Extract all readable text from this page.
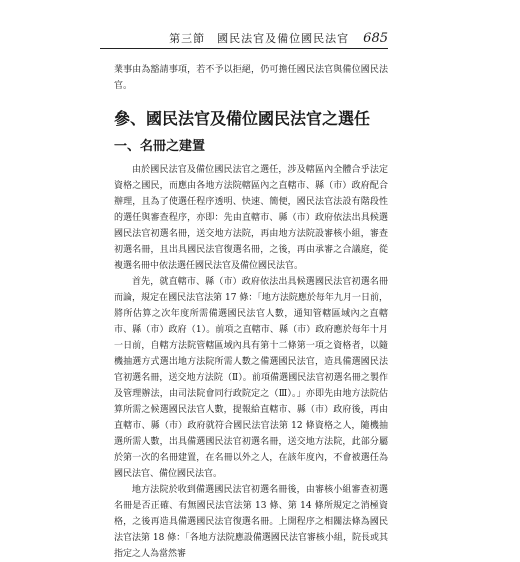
第三節　國民法官及備位國民法官 685

業事由為豁請事項，若不予以拒絕，仍可擔任國民法官與備位國民法官。

參、國民法官及備位國民法官之選任
一、名冊之建置

由於國民法官及備位國民法官之選任，涉及轄區內全體合乎法定資格之國民，而應由各地方法院轄區內之直轄市、縣（市）政府配合辦理，且為了使選任程序透明、快速、簡便，國民法官法設有階段性的選任與審查程序，亦即：先由直轄市、縣（市）政府依法出具候選國民法官初選名冊，送交地方法院，再由地方法院設審核小組，審查初選名冊，且出具國民法官復選名冊，之後，再由承審之合議庭，從複選名冊中依法選任國民法官及備位國民法官。

首先，就直轄市、縣（市）政府依法出具候選國民法官初選名冊而論，規定在國民法官法第 17 條：「地方法院應於每年九月一日前，將所估算之次年度所需備選國民法官人數，通知管轄區域內之直轄市、縣（市）政府（1）。前項之直轄市、縣（市）政府應於每年十月一日前，自轄方法院管轄區域內具有第十二條第一項之資格者，以隨機抽選方式選出地方法院所需人數之備選國民法官，造具備選國民法官初選名冊，送交地方法院（Ⅱ）。前項備選國民法官初選名冊之製作及管理辦法，由司法院會同行政院定之（Ⅲ）。」亦即先由地方法院估算所需之候選國民法官人數，提報給直轄市、縣（市）政府後，再由直轄市、縣（市）政府就符合國民法官法第 12 條資格之人，隨機抽選所需人數，出具備選國民法官初選名冊，送交地方法院，此部分屬於第一次的名冊建置，在名冊以外之人，在該年度內，不會被選任為國民法官、備位國民法官。

地方法院於收到備選國民法官初選名冊後，由審核小組審查初選名冊是否正確、有無國民法官法第 13 條、第 14 條所規定之消極資格，之後再造具備選國民法官復選名冊。上開程序之相關法條為國民法官法第 18 條：「各地方法院應設備選國民法官審核小組，院長或其指定之人為當然審
